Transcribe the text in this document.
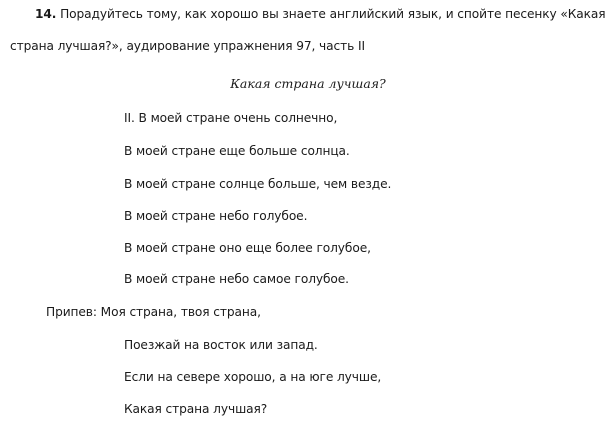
14. Порадуйтесь тому, как хорошо вы знаете английский язык, и спойте песенку «Какая
страна лучшая?», аудирование упражнения 97, часть II
Какая страна лучшая?
II. В моей стране очень солнечно,
В моей стране еще больше солнца.
В моей стране солнце больше, чем везде.
В моей стране небо голубое.
В моей стране оно еще более голубое,
В моей стране небо самое голубое.
Припев: Моя страна, твоя страна,
Поезжай на восток или запад.
Если на севере хорошо, а на юге лучше,
Какая страна лучшая?
